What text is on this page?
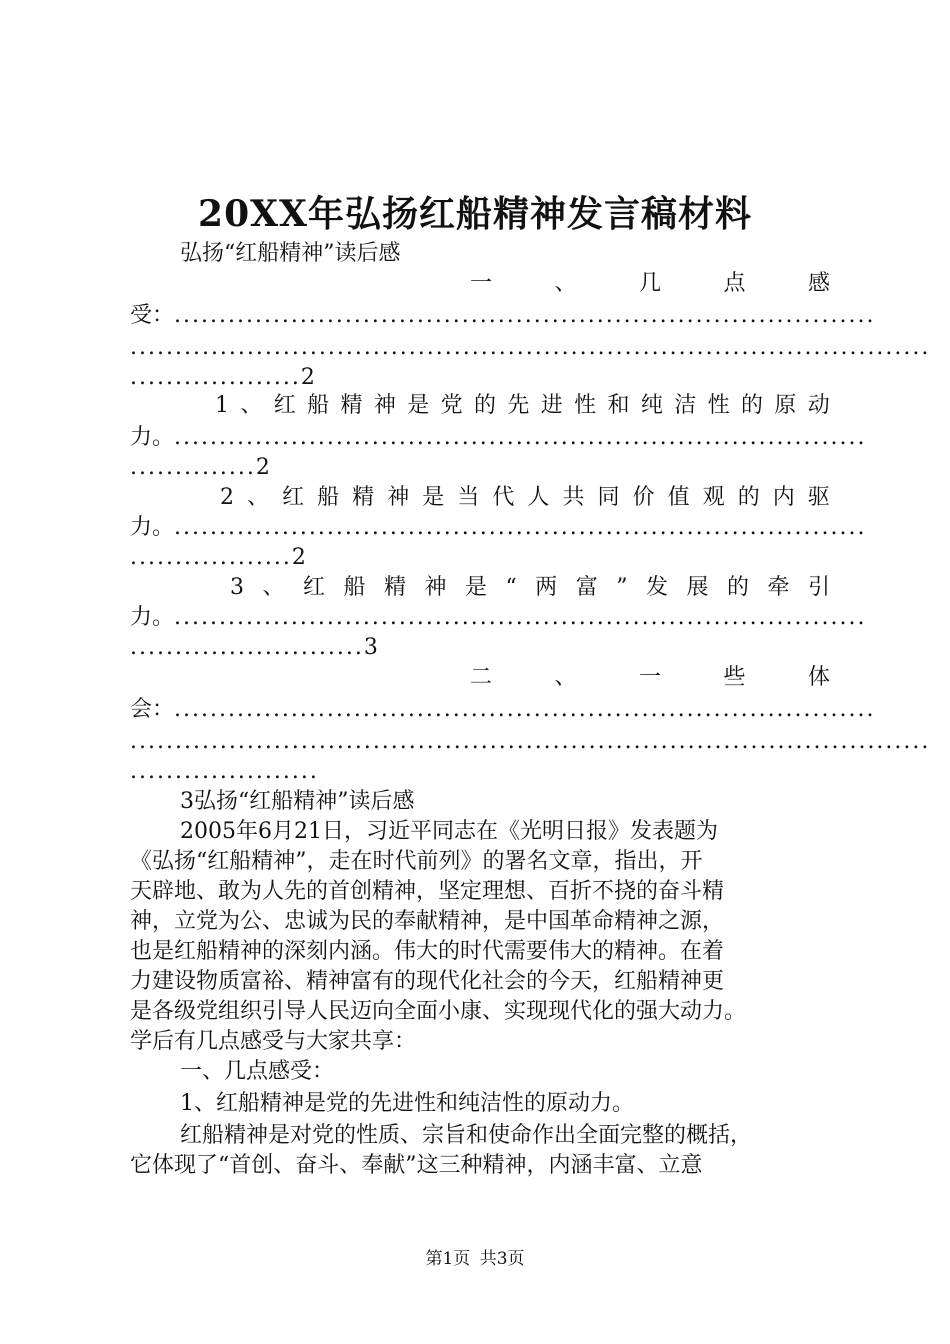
20XX年弘扬红船精神发言稿材料
弘扬“红船精神”读后感
一	、	几	点	感
受：..............................................................................
.........................................................................................
...................2
1 、 红 船 精 神 是 党 的 先 进 性 和 纯 洁 性 的 原 动
力。.............................................................................
..............2
2 、 红 船 精 神 是 当 代 人 共 同 价 值 观 的 内 驱
力。.............................................................................
..................2
3 、 红 船 精 神 是 “ 两 富 ” 发 展 的 牵 引
力。.............................................................................
..........................3
二	、	一	些	体
会：..............................................................................
.........................................................................................
.....................
3弘扬“红船精神”读后感
2005年6月21日，习近平同志在《光明日报》发表题为
《弘扬“红船精神”，走在时代前列》的署名文章，指出，开
天辟地、敢为人先的首创精神，坚定理想、百折不挠的奋斗精
神，立党为公、忠诚为民的奉献精神，是中国革命精神之源，
也是红船精神的深刻内涵。伟大的时代需要伟大的精神。在着
力建设物质富裕、精神富有的现代化社会的今天，红船精神更
是各级党组织引导人民迈向全面小康、实现现代化的强大动力。
学后有几点感受与大家共享：
一、几点感受：
1、红船精神是党的先进性和纯洁性的原动力。
红船精神是对党的性质、宗旨和使命作出全面完整的概括，
它体现了“首创、奋斗、奉献”这三种精神，内涵丰富、立意
第1页 共3页
